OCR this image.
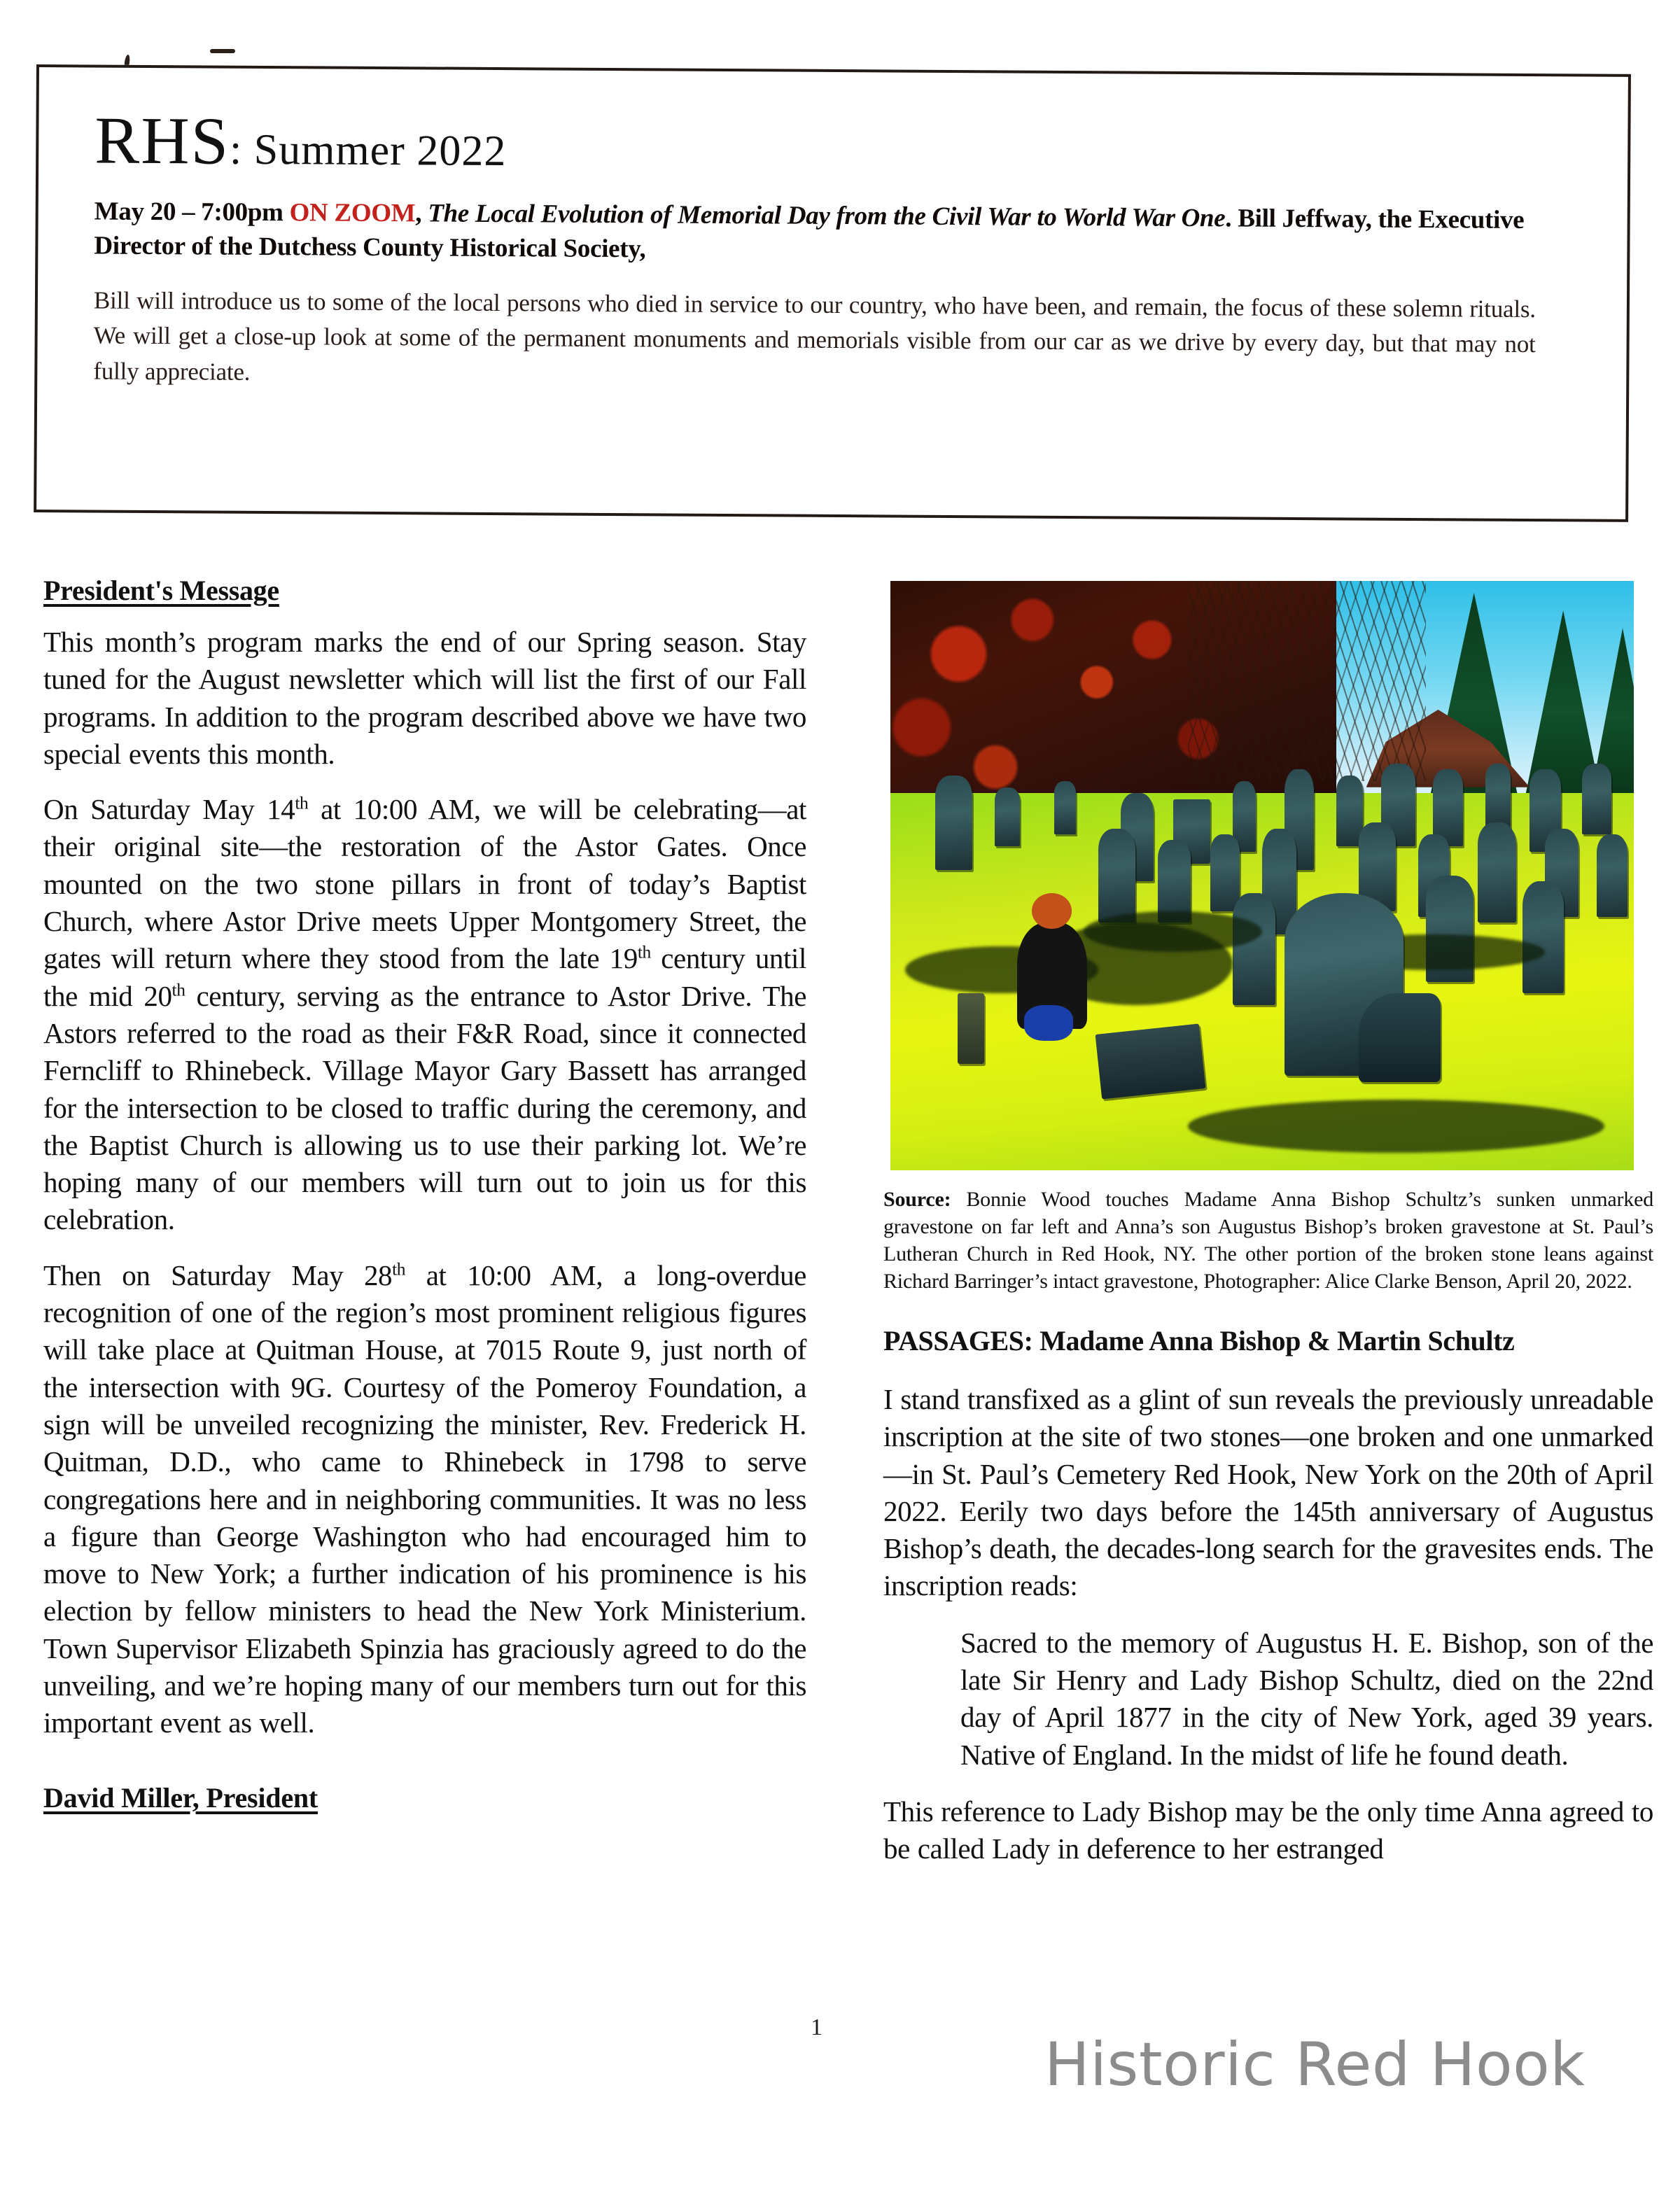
RHS: Summer 2022
May 20 – 7:00pm ON ZOOM, The Local Evolution of Memorial Day from the Civil War to World War One. Bill Jeffway, the Executive Director of the Dutchess County Historical Society,
Bill will introduce us to some of the local persons who died in service to our country, who have been, and remain, the focus of these solemn rituals. We will get a close-up look at some of the permanent monuments and memorials visible from our car as we drive by every day, but that may not fully appreciate.
President's Message

This month’s program marks the end of our Spring season. Stay tuned for the August newsletter which will list the first of our Fall programs. In addition to the program described above we have two special events this month.

On Saturday May 14th at 10:00 AM, we will be celebrating—at their original site—the restoration of the Astor Gates. Once mounted on the two stone pillars in front of today’s Baptist Church, where Astor Drive meets Upper Montgomery Street, the gates will return where they stood from the late 19th century until the mid 20th century, serving as the entrance to Astor Drive. The Astors referred to the road as their F&R Road, since it connected Ferncliff to Rhinebeck. Village Mayor Gary Bassett has arranged for the intersection to be closed to traffic during the ceremony, and the Baptist Church is allowing us to use their parking lot. We’re hoping many of our members will turn out to join us for this celebration.

Then on Saturday May 28th at 10:00 AM, a long-overdue recognition of one of the region’s most prominent religious figures will take place at Quitman House, at 7015 Route 9, just north of the intersection with 9G. Courtesy of the Pomeroy Foundation, a sign will be unveiled recognizing the minister, Rev. Frederick H. Quitman, D.D., who came to Rhinebeck in 1798 to serve congregations here and in neighboring communities. It was no less a figure than George Washington who had encouraged him to move to New York; a further indication of his prominence is his election by fellow ministers to head the New York Ministerium. Town Supervisor Elizabeth Spinzia has graciously agreed to do the unveiling, and we’re hoping many of our members turn out for this important event as well.

David Miller, President

Source: Bonnie Wood touches Madame Anna Bishop Schultz’s sunken unmarked gravestone on far left and Anna’s son Augustus Bishop’s broken gravestone at St. Paul’s Lutheran Church in Red Hook, NY. The other portion of the broken stone leans against Richard Barringer’s intact gravestone, Photographer: Alice Clarke Benson, April 20, 2022.

PASSAGES: Madame Anna Bishop & Martin Schultz

I stand transfixed as a glint of sun reveals the previously unreadable inscription at the site of two stones—one broken and one unmarked—in St. Paul’s Cemetery Red Hook, New York on the 20th of April 2022. Eerily two days before the 145th anniversary of Augustus Bishop’s death, the decades-long search for the gravesites ends. The inscription reads:

Sacred to the memory of Augustus H. E. Bishop, son of the late Sir Henry and Lady Bishop Schultz, died on the 22nd day of April 1877 in the city of New York, aged 39 years. Native of England. In the midst of life he found death.

This reference to Lady Bishop may be the only time Anna agreed to be called Lady in deference to her estranged

1
Historic Red Hook
